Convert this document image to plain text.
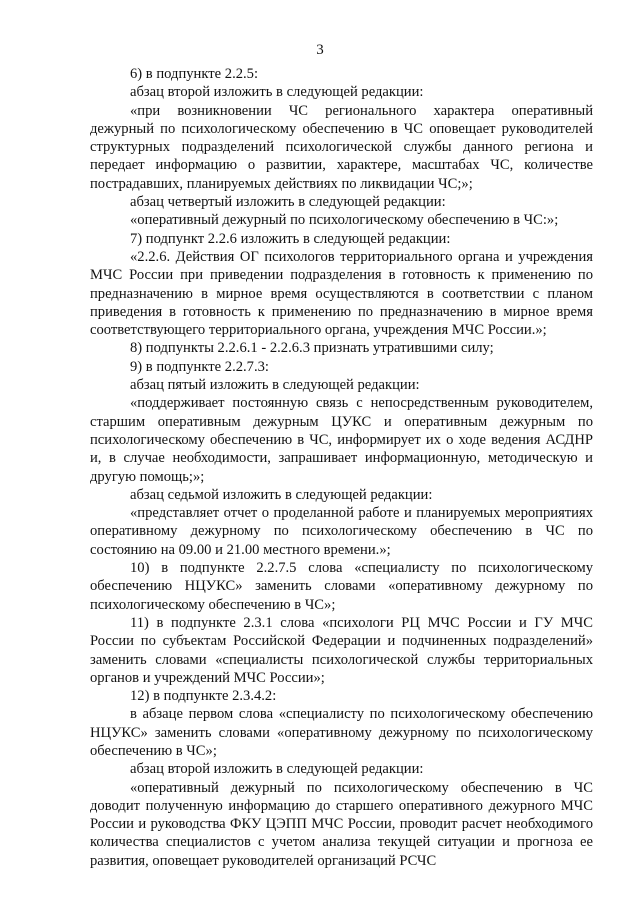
3

6) в подпункте 2.2.5:

абзац второй изложить в следующей редакции:

«при возникновении ЧС регионального характера оперативный дежурный по психологическому обеспечению в ЧС оповещает руководителей структурных подразделений психологической службы данного региона и передает информацию о развитии, характере, масштабах ЧС, количестве пострадавших, планируемых действиях по ликвидации ЧС;»;

абзац четвертый изложить в следующей редакции:

«оперативный дежурный по психологическому обеспечению в ЧС:»;

7) подпункт 2.2.6 изложить в следующей редакции:

«2.2.6. Действия ОГ психологов территориального органа и учреждения МЧС России при приведении подразделения в готовность к применению по предназначению в мирное время осуществляются в соответствии с планом приведения в готовность к применению по предназначению в мирное время соответствующего территориального органа, учреждения МЧС России.»;

8) подпункты 2.2.6.1 - 2.2.6.3 признать утратившими силу;

9) в подпункте 2.2.7.3:

абзац пятый изложить в следующей редакции:

«поддерживает постоянную связь с непосредственным руководителем, старшим оперативным дежурным ЦУКС и оперативным дежурным по психологическому обеспечению в ЧС, информирует их о ходе ведения АСДНР и, в случае необходимости, запрашивает информационную, методическую и другую помощь;»;

абзац седьмой изложить в следующей редакции:

«представляет отчет о проделанной работе и планируемых мероприятиях оперативному дежурному по психологическому обеспечению в ЧС по состоянию на 09.00 и 21.00 местного времени.»;

10) в подпункте 2.2.7.5 слова «специалисту по психологическому обеспечению НЦУКС» заменить словами «оперативному дежурному по психологическому обеспечению в ЧС»;

11) в подпункте 2.3.1 слова «психологи РЦ МЧС России и ГУ МЧС России по субъектам Российской Федерации и подчиненных подразделений» заменить словами «специалисты психологической службы территориальных органов и учреждений МЧС России»;

12) в подпункте 2.3.4.2:

в абзаце первом слова «специалисту по психологическому обеспечению НЦУКС» заменить словами «оперативному дежурному по психологическому обеспечению в ЧС»;

абзац второй изложить в следующей редакции:

«оперативный дежурный по психологическому обеспечению в ЧС доводит полученную информацию до старшего оперативного дежурного МЧС России и руководства ФКУ ЦЭПП МЧС России, проводит расчет необходимого количества специалистов с учетом анализа текущей ситуации и прогноза ее развития, оповещает руководителей организаций РСЧС
